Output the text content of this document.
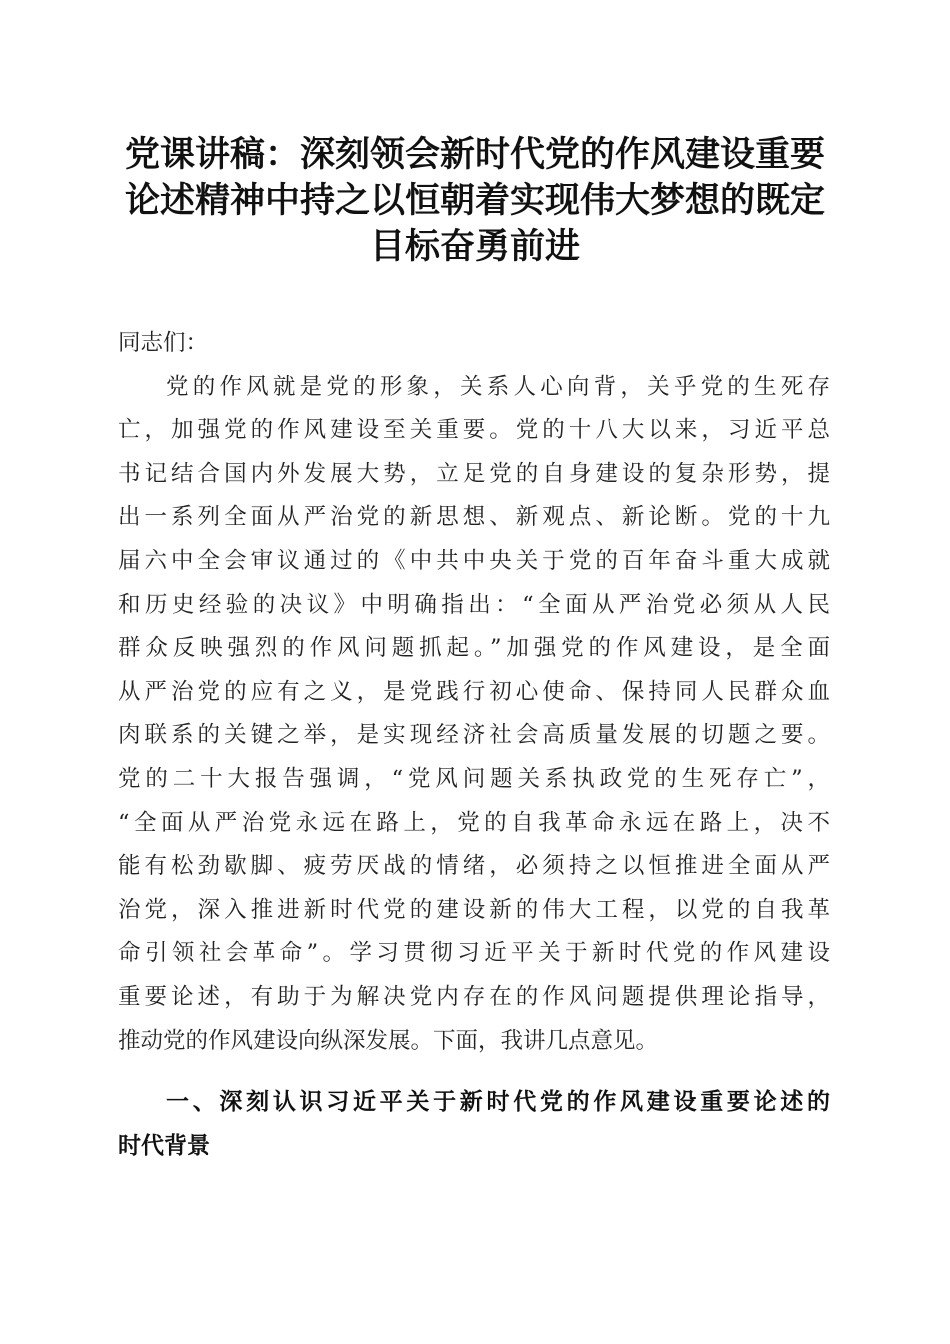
党课讲稿：深刻领会新时代党的作风建设重要
论述精神中持之以恒朝着实现伟大梦想的既定
目标奋勇前进
同志们：
党的作风就是党的形象，关系人心向背，关乎党的生死存
亡，加强党的作风建设至关重要。党的十八大以来，习近平总
书记结合国内外发展大势，立足党的自身建设的复杂形势，提
出一系列全面从严治党的新思想、新观点、新论断。党的十九
届六中全会审议通过的《中共中央关于党的百年奋斗重大成就
和历史经验的决议》中明确指出：“全面从严治党必须从人民
群众反映强烈的作风问题抓起。”加强党的作风建设，是全面
从严治党的应有之义，是党践行初心使命、保持同人民群众血
肉联系的关键之举，是实现经济社会高质量发展的切题之要。
党的二十大报告强调，“党风问题关系执政党的生死存亡”，
“全面从严治党永远在路上，党的自我革命永远在路上，决不
能有松劲歇脚、疲劳厌战的情绪，必须持之以恒推进全面从严
治党，深入推进新时代党的建设新的伟大工程，以党的自我革
命引领社会革命”。学习贯彻习近平关于新时代党的作风建设
重要论述，有助于为解决党内存在的作风问题提供理论指导，
推动党的作风建设向纵深发展。下面，我讲几点意见。
一、深刻认识习近平关于新时代党的作风建设重要论述的
时代背景
